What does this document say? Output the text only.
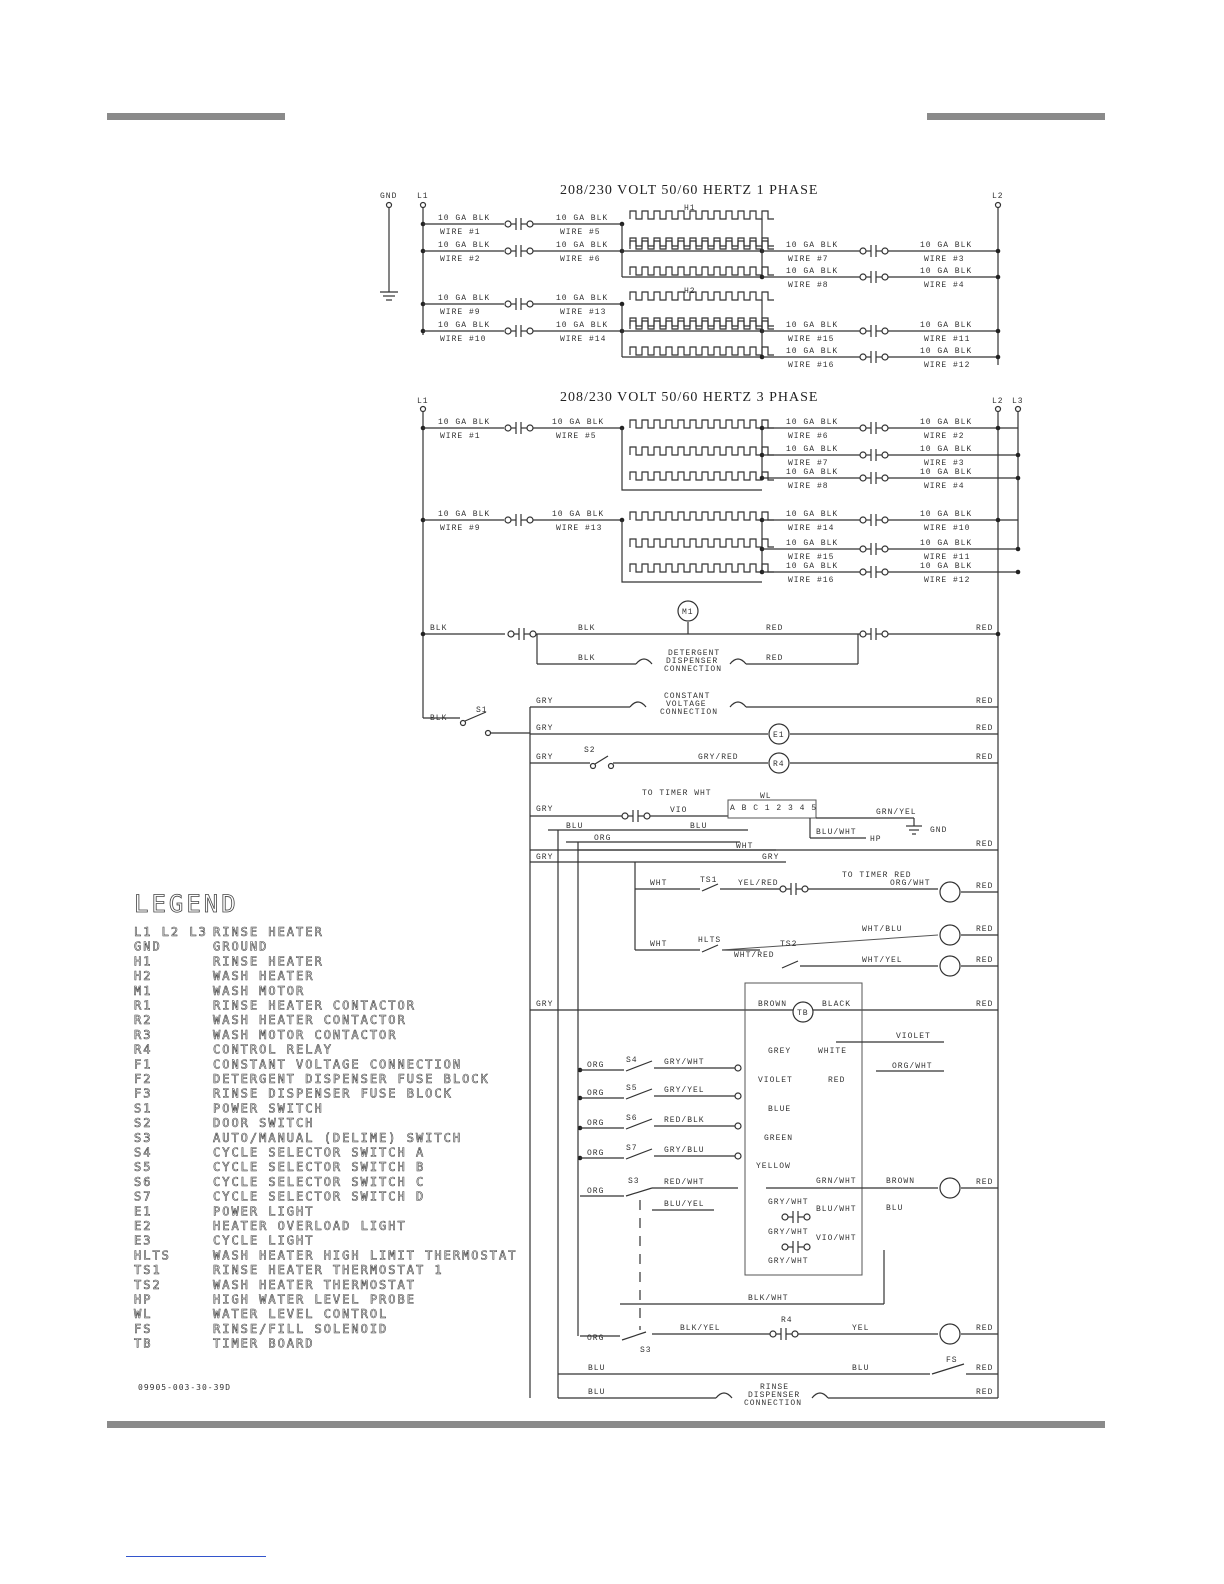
208/230 VOLT 50/60 HERTZ 1 PHASE
GND L1	L2
10 GA BLK
WIRE #1
10 GA BLK
WIRE #5
10 GA BLK
WIRE #2
10 GA BLK
WIRE #6
10 GA BLK
WIRE #9
10 GA BLK
WIRE #13
10 GA BLK
WIRE #10
10 GA BLK
WIRE #14
H1
H2
10 GA BLK
WIRE #7
10 GA BLK
WIRE #3
10 GA BLK
WIRE #8
10 GA BLK
WIRE #4
10 GA BLK
WIRE #15
10 GA BLK
WIRE #11
10 GA BLK
WIRE #16
10 GA BLK
WIRE #12
208/230 VOLT 50/60 HERTZ 3 PHASE
L1	L2 L3
10 GA BLK
WIRE #1
10 GA BLK
WIRE #5
10 GA BLK
WIRE #9
10 GA BLK
WIRE #13
10 GA BLK
WIRE #6
10 GA BLK
WIRE #2
10 GA BLK
WIRE #7
10 GA BLK
WIRE #3
10 GA BLK
WIRE #8
10 GA BLK
WIRE #4
10 GA BLK
WIRE #14
10 GA BLK
WIRE #10
10 GA BLK
WIRE #15
10 GA BLK
WIRE #11
10 GA BLK
WIRE #16
10 GA BLK
WIRE #12
BLK	BLK	RED
M1
RED
BLK
DETERGENT
DISPENSER
CONNECTION
RED
BLK
S1
GRY
CONSTANT
VOLTAGE
CONNECTION
RED
GRY
E1
RED
GRY
S2
GRY/RED
R4
RED
TO TIMER WHT
GRY	VIO
WL
A B C 1 2 3 4 5	GRN/YEL
GND
BLU/WHT
HP
BLU	BLU
ORG
WHT	RED
GRY	GRY
TO TIMER RED
WHT	TS1	YEL/RED	ORG/WHT	RED
WHT	HLTS
WHT/BLU
WHT/RED
TS2
WHT/YEL
RED
RED
GRY	BROWN
TB
BLACK	RED
GREY	WHITE
VIOLET
ORG/WHT
RED
VIOLET
BLUE
GREEN
YELLOW
ORG
S4	GRY/WHT
ORG
S5	GRY/YEL
ORG
S6	RED/BLK
ORG
S7	GRY/BLU
ORG
S3	RED/WHT
BLU/YEL
GRN/WHT	BROWN	RED
GRY/WHT
BLU/WHT	BLU
GRY/WHT
VIO/WHT
GRY/WHT
BLK/WHT
ORG
S3
BLK/YEL
R4
YEL	RED
BLU	BLU
FS
RED
BLU
RINSE
DISPENSER
CONNECTION
RED
LEGEND
L1 L2 L3 RINSE HEATER
GND	GROUND
H1	RINSE HEATER
H2	WASH HEATER
M1	WASH MOTOR
R1	RINSE HEATER CONTACTOR
R2	WASH HEATER CONTACTOR
R3	WASH MOTOR CONTACTOR
R4	CONTROL RELAY
F1	CONSTANT VOLTAGE CONNECTION
F2	DETERGENT DISPENSER FUSE BLOCK
F3	RINSE DISPENSER FUSE BLOCK
S1	POWER SWITCH
S2	DOOR SWITCH
S3	AUTO/MANUAL (DELIME) SWITCH
S4	CYCLE SELECTOR SWITCH A
S5	CYCLE SELECTOR SWITCH B
S6	CYCLE SELECTOR SWITCH C
S7	CYCLE SELECTOR SWITCH D
E1	POWER LIGHT
E2	HEATER OVERLOAD LIGHT
E3	CYCLE LIGHT
HLTS	WASH HEATER HIGH LIMIT THERMOSTAT
TS1	RINSE HEATER THERMOSTAT 1
TS2	WASH HEATER THERMOSTAT
HP	HIGH WATER LEVEL PROBE
WL	WATER LEVEL CONTROL
FS	RINSE/FILL SOLENOID
TB	TIMER BOARD
09905-003-30-39D
